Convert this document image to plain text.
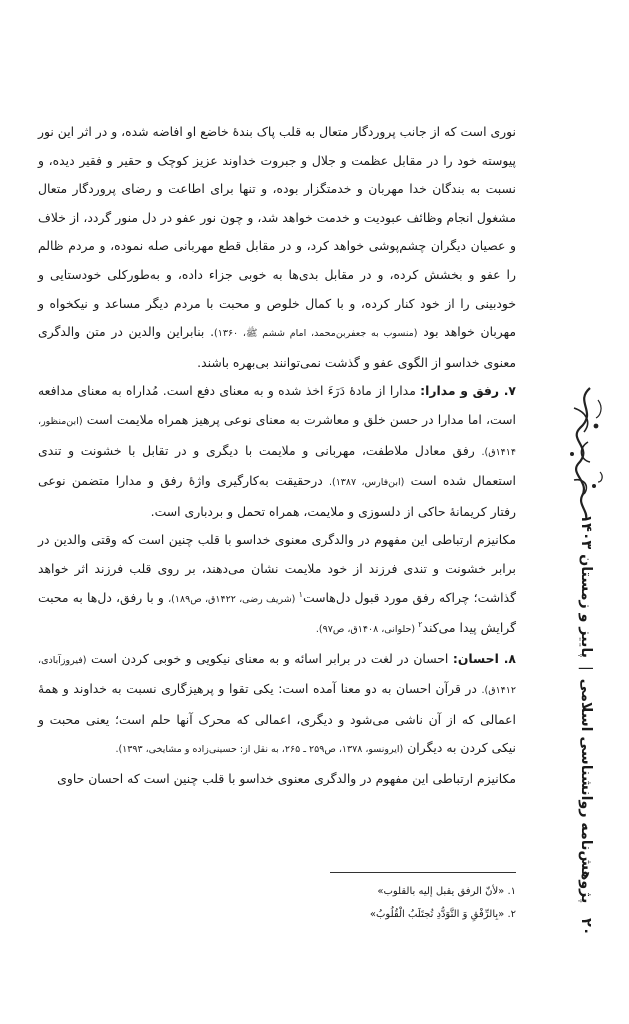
نوری است که از جانب پروردگار متعال به قلب پاک بندهٔ خاضع او افاضه شده، و در اثر این نور پیوسته خود را در مقابل عظمت و جلال و جبروت خداوند عزیز کوچک و حقیر و فقیر دیده، و نسبت به بندگان خدا مهربان و خدمتگزار بوده، و تنها برای اطاعت و رضای پروردگار متعال مشغول انجام وظائف عبودیت و خدمت خواهد شد، و چون نور عفو در دل منور گردد، از خلاف و عصیان دیگران چشم‌پوشی خواهد کرد، و در مقابل قطع مهربانی صله نموده، و مردم ظالم را عفو و بخشش کرده، و در مقابل بدی‌ها به خوبی جزاء داده، و به‌طورکلی خودستایی و خودبینی را از خود کنار کرده، و با کمال خلوص و محبت با مردم دیگر مساعد و نیکخواه و مهربان خواهد بود (منسوب به جعفربن‌محمد، امام ششم ﷺ، ۱۳۶۰). بنابراین والدین در متن والدگری معنوی خداسو از الگوی عفو و گذشت نمی‌توانند بی‌بهره باشند.

۷. رفق و مدارا: مدارا از مادهٔ دَرَءَ اخذ شده و به معنای دفع است. مُداراه به معنای مدافعه است، اما مدارا در حسن خلق و معاشرت به معنای نوعی پرهیز همراه ملایمت است (ابن‌منظور، ۱۴۱۴ق). رفق معادل ملاطفت، مهربانی و ملایمت با دیگری و در تقابل با خشونت و تندی استعمال شده است (ابن‌فارس، ۱۳۸۷). درحقیقت به‌کارگیری واژهٔ رفق و مدارا متضمن نوعی رفتار کریمانهٔ حاکی از دلسوزی و ملایمت، همراه تحمل و بردباری است.

مکانیزم ارتباطی این مفهوم در والدگری معنوی خداسو با قلب چنین است که وقتی والدین در برابر خشونت و تندی فرزند از خود ملایمت نشان می‌دهند، بر روی قلب فرزند اثر خواهد گذاشت؛ چراکه رفق مورد قبول دل‌هاست$^۱$ (شریف رضی، ۱۴۲۲ق، ص۱۸۹)، و با رفق، دل‌ها به محبت گرایش پیدا می‌کند$^۲$ (حلوانی، ۱۴۰۸ق، ص۹۷).

۸. احسان: احسان در لغت در برابر اسائه و به معنای نیکویی و خوبی کردن است (فیروزآبادی، ۱۴۱۲ق). در قرآن احسان به دو معنا آمده است: یکی تقوا و پرهیزگاری نسبت به خداوند و همهٔ اعمالی که از آن ناشی می‌شود و دیگری، اعمالی که محرک آنها حلم است؛ یعنی محبت و نیکی کردن به دیگران (ایرونسو، ۱۳۷۸، ص۲۵۹ ـ ۲۶۵، به نقل از: حسینی‌زاده و مشایخی، ۱۳۹۳).

مکانیزم ارتباطی این مفهوم در والدگری معنوی خداسو با قلب چنین است که احسان حاوی

۱. «لأنّ الرفق يقبل إليه بالقلوب»

۲. «بِالرِّفْقِ وَ التَّوَدُّدِ تُجتَلَبُ الْقُلُوبُ»

۲۰   پژوهش‌نامه روانشناسی اسلامی|پاییز و زمستان ۱۴۰۳
